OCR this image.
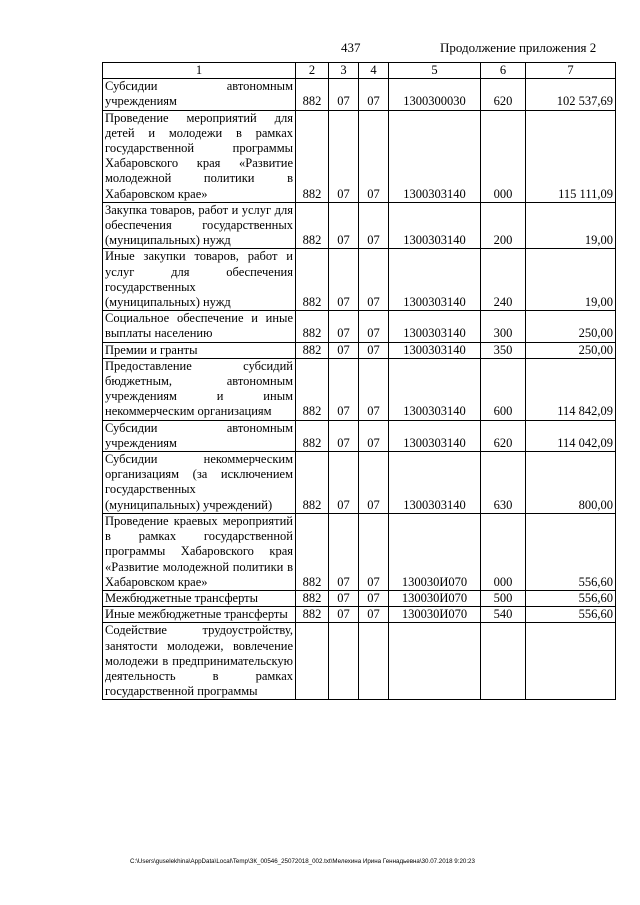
437	Продолжение приложения 2
1	2	3	4	5	6	7
Субсидии автономным учреждениям	882	07	07	1300300030	620	102 537,69
Проведение мероприятий для детей и молодежи в рамках государственной программы Хабаровского края «Развитие молодежной политики в Хабаровском крае»	882	07	07	1300303140	000	115 111,09
Закупка товаров, работ и услуг для обеспечения государственных (муниципальных) нужд	882	07	07	1300303140	200	19,00
Иные закупки товаров, работ и услуг для обеспечения государственных (муниципальных) нужд	882	07	07	1300303140	240	19,00
Социальное обеспечение и иные выплаты населению	882	07	07	1300303140	300	250,00
Премии и гранты	882	07	07	1300303140	350	250,00
Предоставление субсидий бюджетным, автономным учреждениям и иным некоммерческим организациям	882	07	07	1300303140	600	114 842,09
Субсидии автономным учреждениям	882	07	07	1300303140	620	114 042,09
Субсидии некоммерческим организациям (за исключением государственных (муниципальных) учреждений)	882	07	07	1300303140	630	800,00
Проведение краевых мероприятий в рамках государственной программы Хабаровского края «Развитие молодежной политики в Хабаровском крае»	882	07	07	130030И070	000	556,60
Межбюджетные трансферты	882	07	07	130030И070	500	556,60
Иные межбюджетные трансферты	882	07	07	130030И070	540	556,60
Содействие трудоустройству, занятости молодежи, вовлечение молодежи в предпринимательскую деятельность в рамках государственной программы						
C:\Users\guselekhina\AppData\Local\Temp\ЗК_00546_25072018_002.txt\Мелехина Ирина Геннадьевна\30.07.2018 9:20:23
